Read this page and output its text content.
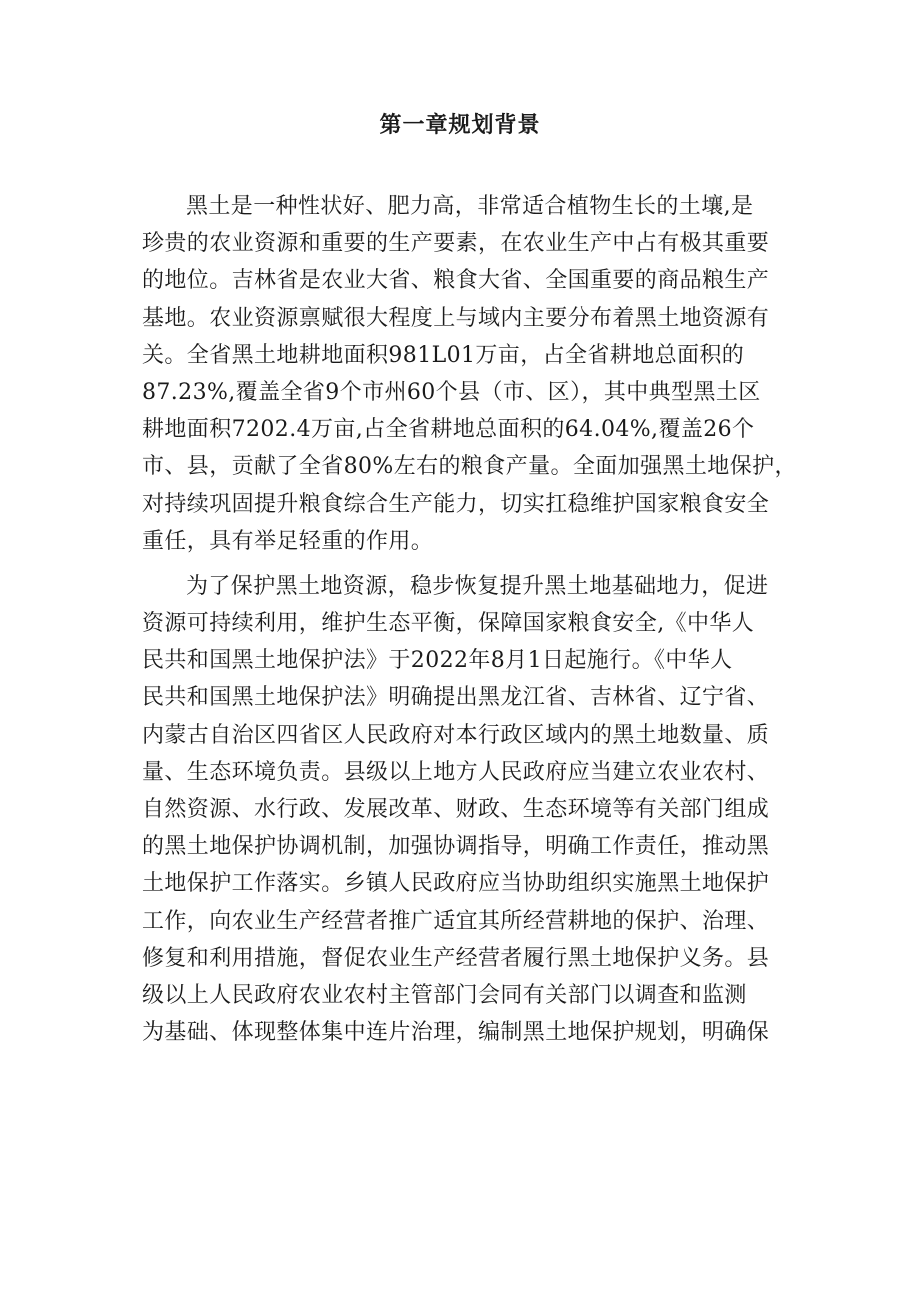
第一章规划背景
黑土是一种性状好、肥力高，非常适合植物生长的土壤,是
珍贵的农业资源和重要的生产要素，在农业生产中占有极其重要
的地位。吉林省是农业大省、粮食大省、全国重要的商品粮生产
基地。农业资源禀赋很大程度上与域内主要分布着黑土地资源有
关。全省黑土地耕地面积981L01万亩，占全省耕地总面积的
87.23%,覆盖全省9个市州60个县（市、区），其中典型黑土区
耕地面积7202.4万亩,占全省耕地总面积的64.04%,覆盖26个
市、县，贡献了全省80%左右的粮食产量。全面加强黑土地保护，
对持续巩固提升粮食综合生产能力，切实扛稳维护国家粮食安全
重任，具有举足轻重的作用。
为了保护黑土地资源，稳步恢复提升黑土地基础地力，促进
资源可持续利用，维护生态平衡，保障国家粮食安全,《中华人
民共和国黑土地保护法》于2022年8月1日起施行。《中华人
民共和国黑土地保护法》明确提出黑龙江省、吉林省、辽宁省、
内蒙古自治区四省区人民政府对本行政区域内的黑土地数量、质
量、生态环境负责。县级以上地方人民政府应当建立农业农村、
自然资源、水行政、发展改革、财政、生态环境等有关部门组成
的黑土地保护协调机制，加强协调指导，明确工作责任，推动黑
土地保护工作落实。乡镇人民政府应当协助组织实施黑土地保护
工作，向农业生产经营者推广适宜其所经营耕地的保护、治理、
修复和利用措施，督促农业生产经营者履行黑土地保护义务。县
级以上人民政府农业农村主管部门会同有关部门以调查和监测
为基础、体现整体集中连片治理，编制黑土地保护规划，明确保
